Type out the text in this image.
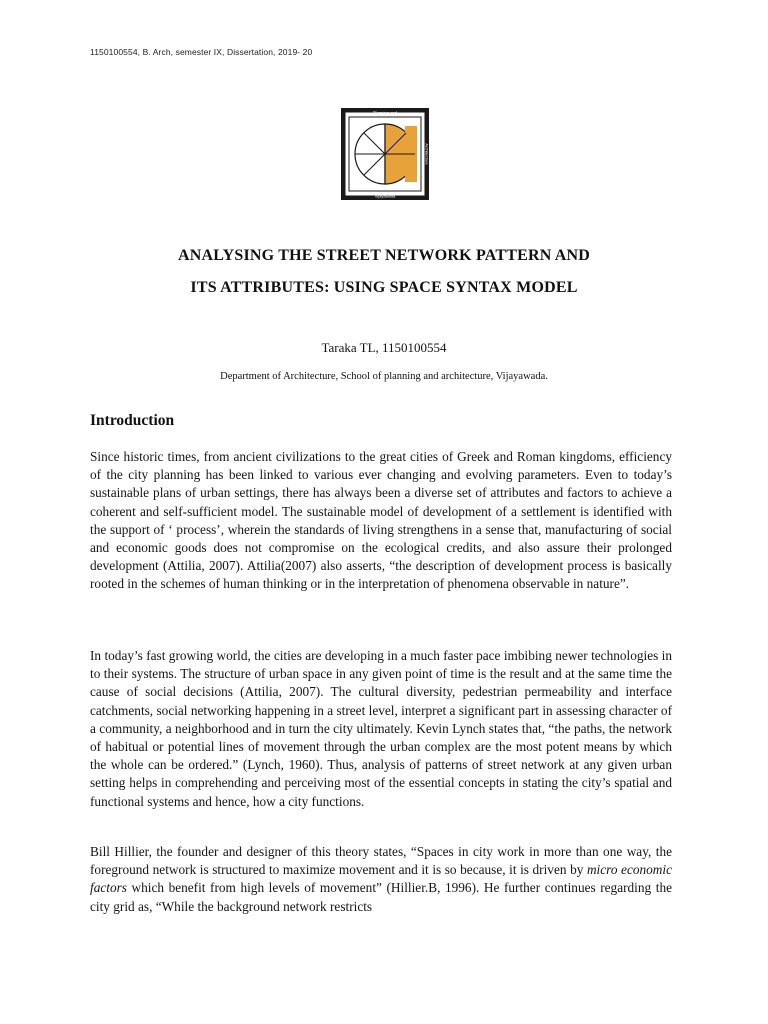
1150100554, B. Arch, semester IX, Dissertation, 2019- 20
Planning and
Vijayawada
Architecture
ANALYSING THE STREET NETWORK PATTERN AND
ITS ATTRIBUTES: USING SPACE SYNTAX MODEL
Taraka TL, 1150100554
Department of Architecture, School of planning and architecture, Vijayawada.
Introduction

Since historic times, from ancient civilizations to the great cities of Greek and Roman kingdoms, efficiency of the city planning has been linked to various ever changing and evolving parameters. Even to today’s sustainable plans of urban settings, there has always been a diverse set of attributes and factors to achieve a coherent and self-sufficient model. The sustainable model of development of a settlement is identified with the support of ‘ process’, wherein the standards of living strengthens in a sense that, manufacturing of social and economic goods does not compromise on the ecological credits, and also assure their prolonged development (Attilia, 2007). Attilia(2007) also asserts, “the description of development process is basically rooted in the schemes of human thinking or in the interpretation of phenomena observable in nature”.

In today’s fast growing world, the cities are developing in a much faster pace imbibing newer technologies in to their systems. The structure of urban space in any given point of time is the result and at the same time the cause of social decisions (Attilia, 2007). The cultural diversity, pedestrian permeability and interface catchments, social networking happening in a street level, interpret a significant part in assessing character of a community, a neighborhood and in turn the city ultimately. Kevin Lynch states that, “the paths, the network of habitual or potential lines of movement through the urban complex are the most potent means by which the whole can be ordered.” (Lynch, 1960). Thus, analysis of patterns of street network at any given urban setting helps in comprehending and perceiving most of the essential concepts in stating the city’s spatial and functional systems and hence, how a city functions.

Bill Hillier, the founder and designer of this theory states, “Spaces in city work in more than one way, the foreground network is structured to maximize movement and it is so because, it is driven by micro economic factors which benefit from high levels of movement” (Hillier.B, 1996). He further continues regarding the city grid as, “While the background network restricts
